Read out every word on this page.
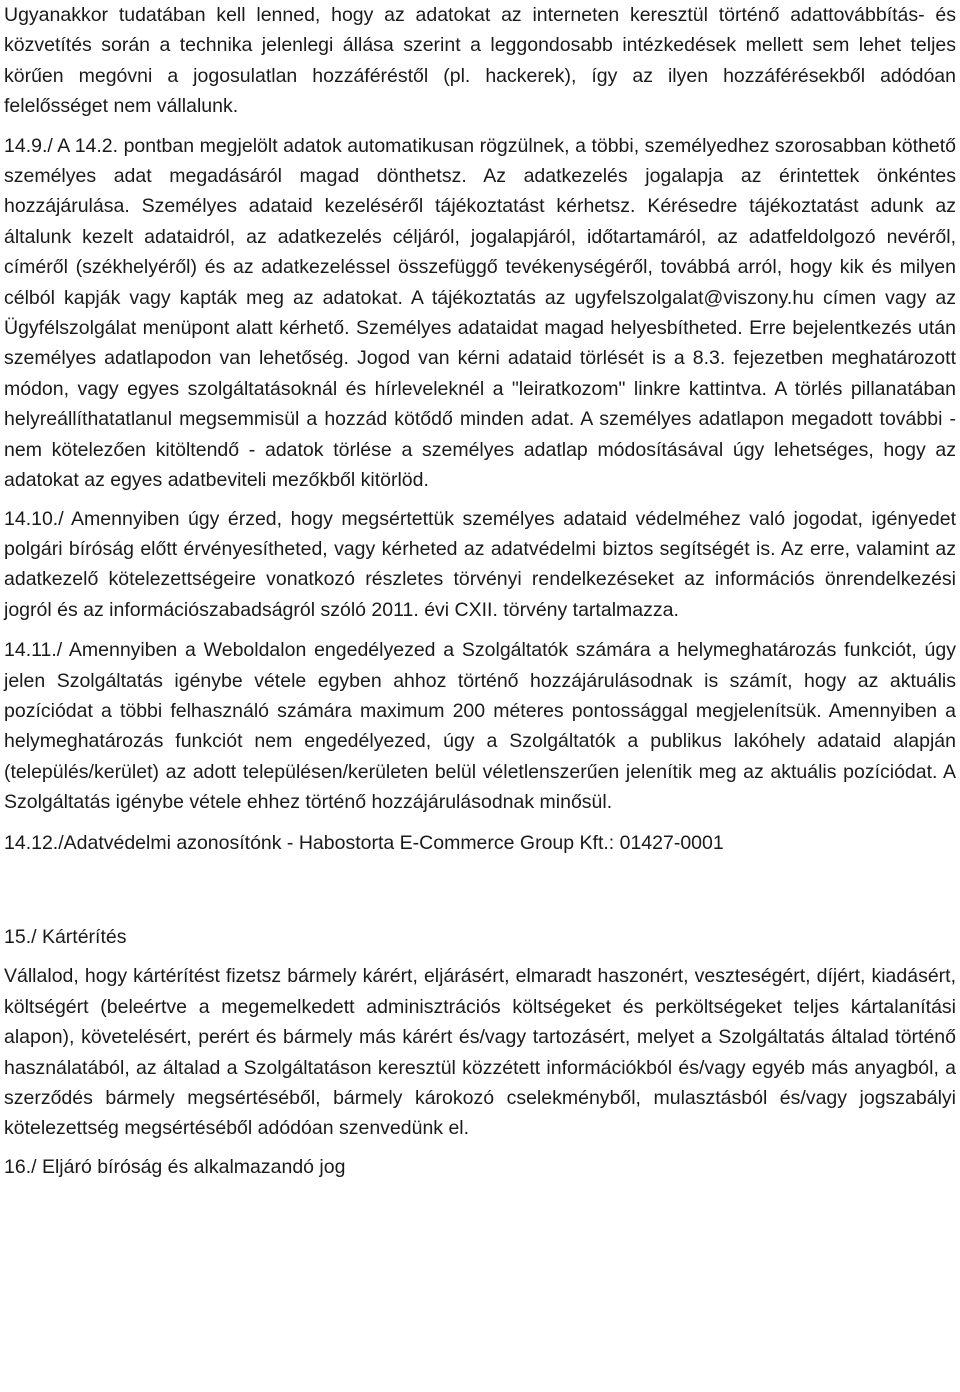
Ugyanakkor tudatában kell lenned, hogy az adatokat az interneten keresztül történő adattovábbítás- és közvetítés során a technika jelenlegi állása szerint a leggondosabb intézkedések mellett sem lehet teljes körűen megóvni a jogosulatlan hozzáféréstől (pl. hackerek), így az ilyen hozzáférésekből adódóan felelősséget nem vállalunk.

14.9./ A 14.2. pontban megjelölt adatok automatikusan rögzülnek, a többi, személyedhez szorosabban köthető személyes adat megadásáról magad dönthetsz. Az adatkezelés jogalapja az érintettek önkéntes hozzájárulása. Személyes adataid kezeléséről tájékoztatást kérhetsz. Kérésedre tájékoztatást adunk az általunk kezelt adataidról, az adatkezelés céljáról, jogalapjáról, időtartamáról, az adatfeldolgozó nevéről, címéről (székhelyéről) és az adatkezeléssel összefüggő tevékenységéről, továbbá arról, hogy kik és milyen célból kapják vagy kapták meg az adatokat. A tájékoztatás az ugyfelszolgalat@viszony.hu címen vagy az Ügyfélszolgálat menüpont alatt kérhető. Személyes adataidat magad helyesbítheted. Erre bejelentkezés után személyes adatlapodon van lehetőség. Jogod van kérni adataid törlését is a 8.3. fejezetben meghatározott módon, vagy egyes szolgáltatásoknál és hírleveleknél a "leiratkozom" linkre kattintva. A törlés pillanatában helyreállíthatatlanul megsemmisül a hozzád kötődő minden adat. A személyes adatlapon megadott további - nem kötelezően kitöltendő - adatok törlése a személyes adatlap módosításával úgy lehetséges, hogy az adatokat az egyes adatbeviteli mezőkből kitörlöd.

14.10./ Amennyiben úgy érzed, hogy megsértettük személyes adataid védelméhez való jogodat, igényedet polgári bíróság előtt érvényesítheted, vagy kérheted az adatvédelmi biztos segítségét is. Az erre, valamint az adatkezelő kötelezettségeire vonatkozó részletes törvényi rendelkezéseket az információs önrendelkezési jogról és az információszabadságról szóló 2011. évi CXII. törvény tartalmazza.

14.11./ Amennyiben a Weboldalon engedélyezed a Szolgáltatók számára a helymeghatározás funkciót, úgy jelen Szolgáltatás igénybe vétele egyben ahhoz történő hozzájárulásodnak is számít, hogy az aktuális pozíciódat a többi felhasználó számára maximum 200 méteres pontossággal megjelenítsük. Amennyiben a helymeghatározás funkciót nem engedélyezed, úgy a Szolgáltatók a publikus lakóhely adataid alapján (település/kerület) az adott településen/kerületen belül véletlenszerűen jelenítik meg az aktuális pozíciódat. A Szolgáltatás igénybe vétele ehhez történő hozzájárulásodnak minősül.

14.12./Adatvédelmi azonosítónk - Habostorta E-Commerce Group Kft.: 01427-0001

15./ Kártérítés

Vállalod, hogy kártérítést fizetsz bármely kárért, eljárásért, elmaradt haszonért, veszteségért, díjért, kiadásért, költségért (beleértve a megemelkedett adminisztrációs költségeket és perköltségeket teljes kártalanítási alapon), követelésért, perért és bármely más kárért és/vagy tartozásért, melyet a Szolgáltatás általad történő használatából, az általad a Szolgáltatáson keresztül közzétett információkból és/vagy egyéb más anyagból, a szerződés bármely megsértéséből, bármely károkozó cselekményből, mulasztásból és/vagy jogszabályi kötelezettség megsértéséből adódóan szenvedünk el.

16./ Eljáró bíróság és alkalmazandó jog
